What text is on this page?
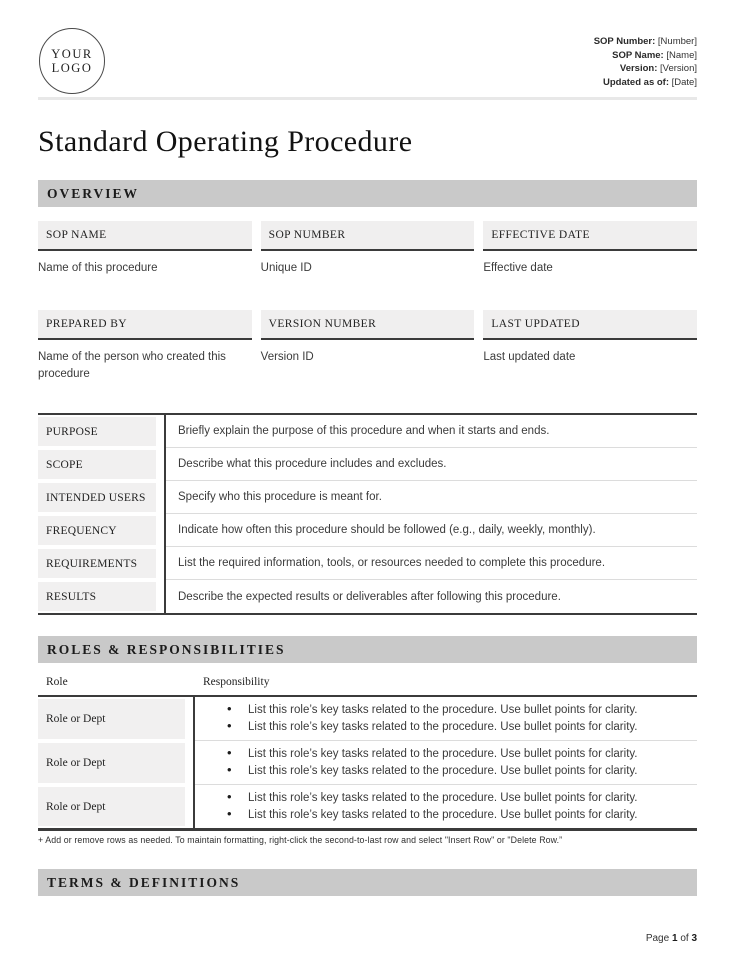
YOUR
LOGO
SOP Number: [Number]
SOP Name: [Name]
Version: [Version]
Updated as of: [Date]
Standard Operating Procedure
OVERVIEW
SOP NAME
Name of this procedure
SOP NUMBER
Unique ID
EFFECTIVE DATE
Effective date
PREPARED BY
Name of the person who created this procedure
VERSION NUMBER
Version ID
LAST UPDATED
Last updated date
PURPOSE	Briefly explain the purpose of this procedure and when it starts and ends.
SCOPE	Describe what this procedure includes and excludes.
INTENDED USERS	Specify who this procedure is meant for.
FREQUENCY	Indicate how often this procedure should be followed (e.g., daily, weekly, monthly).
REQUIREMENTS	List the required information, tools, or resources needed to complete this procedure.
RESULTS	Describe the expected results or deliverables after following this procedure.
ROLES & RESPONSIBILITIES
Role	Responsibility
Role or Dept
• List this role’s key tasks related to the procedure. Use bullet points for clarity.
• List this role’s key tasks related to the procedure. Use bullet points for clarity.
Role or Dept
• List this role’s key tasks related to the procedure. Use bullet points for clarity.
• List this role’s key tasks related to the procedure. Use bullet points for clarity.
Role or Dept
• List this role’s key tasks related to the procedure. Use bullet points for clarity.
• List this role’s key tasks related to the procedure. Use bullet points for clarity.
+ Add or remove rows as needed. To maintain formatting, right-click the second-to-last row and select "Insert Row" or "Delete Row.”
TERMS & DEFINITIONS
Page 1 of 3
